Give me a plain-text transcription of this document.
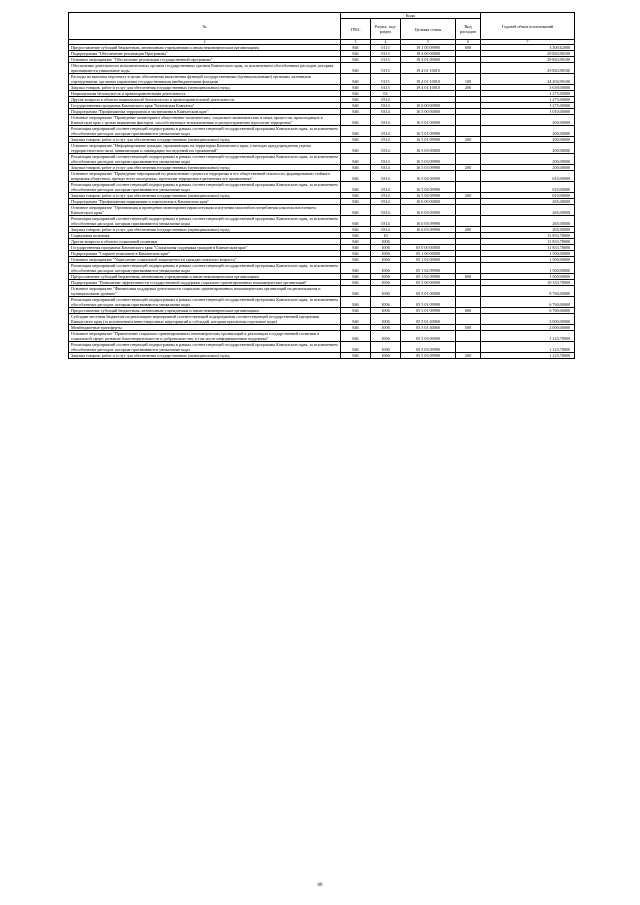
№	Коды				Годовой объем ассигнований
	ГРБС	Раздел, под-раздел	Целевая статья	Вид расходов	
2	3	4	5	6	7
Предоставление субсидий бюджетным, автономным учреждениям и иным некоммерческим организациям	846	0113	19 1 00 09990	600	3 300,62000
Подпрограмма "Обеспечение реализации Программы"	846	0113	19 4 00 00000		29 843,90100
Основное мероприятие "Обеспечение реализации государственной программы"	846	0113	19 4 01 00000		29 843,90100
Обеспечение деятельности исполнительных органов государственных органов Камчатского края, за исключением обособленных расходов, которым присваиваются уникальные коды	846	0113	19 4 01 10010		29 843,90100
Расходы на выплаты персоналу в целях обеспечения выполнения функций государственными (муниципальными) органами, казенными учреждениями, органами управления государственными внебюджетными фондами	846	0113	19 4 01 10010	100	24 204,90100
Закупка товаров, работ и услуг для обеспечения государственных (муниципальных) нужд	846	0113	19 4 01 10010	200	5 639,00000
Национальная безопасность и правоохранительная деятельность	846	03			1 275,00000
Другие вопросы в области национальной безопасности и правоохранительной деятельности	846	0314			1 275,00000
Государственная программа Камчатского края "Безопасная Камчатка"	846	0314	16 0 00 00000		1 275,00000
Подпрограмма "Профилактика терроризма и экстремизма в Камчатском крае"	846	0314	16 5 00 00000		1 010,00000
Основное мероприятие "Проведение мониторинга общественно-политических, социально-экономических и иных процессов, происходящих в Камчатском крае с целью выявления факторов, способствующих возникновению и распространению идеологии терроризма"	846	0314	16 5 01 00000		200,00000
Реализация мероприятий соответствующей подпрограммы в рамках соответствующей государственной программы Камчатского края, за исключением обособленных расходов, которым присваиваются уникальные коды	846	0314	16 5 01 09990		200,00000
Закупка товаров, работ и услуг для обеспечения государственных (муниципальных) нужд	846	0314	16 5 01 09990	200	200,00000
Основное мероприятие "Информирование граждан, проживающих на территории Камчатского края, о методах предупреждения угрозы террористического акта, минимизации и ликвидации последствий его проявлений"	846	0314	16 5 03 00000		200,00000
Реализация мероприятий соответствующей подпрограммы в рамках соответствующей государственной программы Камчатского края, за исключением обособленных расходов, которым присваиваются уникальные коды	846	0314	16 5 03 09990		200,00000
Закупка товаров, работ и услуг для обеспечения государственных (муниципальных) нужд	846	0314	16 5 03 09990	200	200,00000
Основное мероприятие "Проведение мероприятий по разъяснению сущности терроризма и его общественной опасности, формированию стойкого неприятия обществом, прежде всего молодежью, идеологии терроризма в различных его проявлениях"	846	0314	16 5 04 00000		610,00000
Реализация мероприятий соответствующей подпрограммы в рамках соответствующей государственной программы Камчатского края, за исключением обособленных расходов, которым присваиваются уникальные коды	846	0314	16 5 04 09990		610,00000
Закупка товаров, работ и услуг для обеспечения государственных (муниципальных) нужд	846	0314	16 5 04 09990	200	610,00000
Подпрограмма "Профилактика наркомании и алкоголизма в Камчатском крае"	846	0314	16 6 00 00000		265,00000
Основное мероприятие "Организация и проведение мониторинга наркоситуации и изучения масштабов потребления алкоголя населением Камчатского края"	846	0314	16 6 03 00000		265,00000
Реализация мероприятий соответствующей подпрограммы в рамках соответствующей государственной программы Камчатского края, за исключением обособленных расходов, которым присваиваются уникальные коды	846	0314	16 6 03 09990		265,00000
Закупка товаров, работ и услуг для обеспечения государственных (муниципальных) нужд	846	0314	16 6 03 09990	200	265,00000
Социальная политика	846	10			11 833,78000
Другие вопросы в области социальной политики	846	1006			11 833,78000
Государственная программа Камчатского края "Социальная поддержка граждан в Камчатском крае"	846	1006	05 0 00 00000		11 833,78000
Подпрограмма "Старшее поколение в Камчатском крае"	846	1006	05 1 00 00000		1 500,00000
Основное мероприятие "Укрепление социальной защищенности граждан пожилого возраста"	846	1006	05 1 02 00000		1 500,00000
Реализация мероприятий соответствующей подпрограммы в рамках соответствующей государственной программы Камчатского края, за исключением обособленных расходов, которым присваиваются уникальные коды	846	1006	05 1 02 09990		1 500,00000
Предоставление субсидий бюджетным, автономным учреждениям и иным некоммерческим организациям	846	1006	05 1 02 09990	600	1 500,00000
Подпрограмма "Повышение эффективности государственной поддержки социально ориентированных некоммерческих организаций"	846	1006	05 5 00 00000		10 333,78000
Основное мероприятие "Финансовая поддержка деятельности социально ориентированных некоммерческих организаций на региональном и муниципальном уровнях"	846	1006	05 5 01 00000		8 760,00000
Реализация мероприятий соответствующей подпрограммы в рамках соответствующей государственной программы Камчатского края, за исключением обособленных расходов, которым присваиваются уникальные коды	846	1006	05 5 01 09990		6 760,00000
Предоставление субсидий бюджетным, автономным учреждениям и иным некоммерческим организациям	846	1006	05 5 01 09990	600	6 760,00000
Субсидии местным бюджетам на реализацию мероприятий соответствующей подпрограммы соответствующей государственной программы Камчатского края (за исключением инвестиционных мероприятий и субсидий, которым присвоены отдельные коды)	846	1006	05 5 01 40060		2 000,00000
Межбюджетные трансферты	846	1006	05 5 01 40060	500	2 000,00000
Основное мероприятие "Привлечение социально ориентированных некоммерческих организаций к реализации государственной политики в социальной сфере, развитие благотворительности и добровольчества, в том числе информационная поддержка"	846	1006	05 5 03 00000		1 123,78000
Реализация мероприятий соответствующей подпрограммы в рамках соответствующей государственной программы Камчатского края, за исключением обособленных расходов, которым присваиваются уникальные коды	846	1006	05 5 03 09990		1 123,78000
Закупка товаров, работ и услуг для обеспечения государственных (муниципальных) нужд	846	1006	05 5 03 09990	200	1 123,78000
60
